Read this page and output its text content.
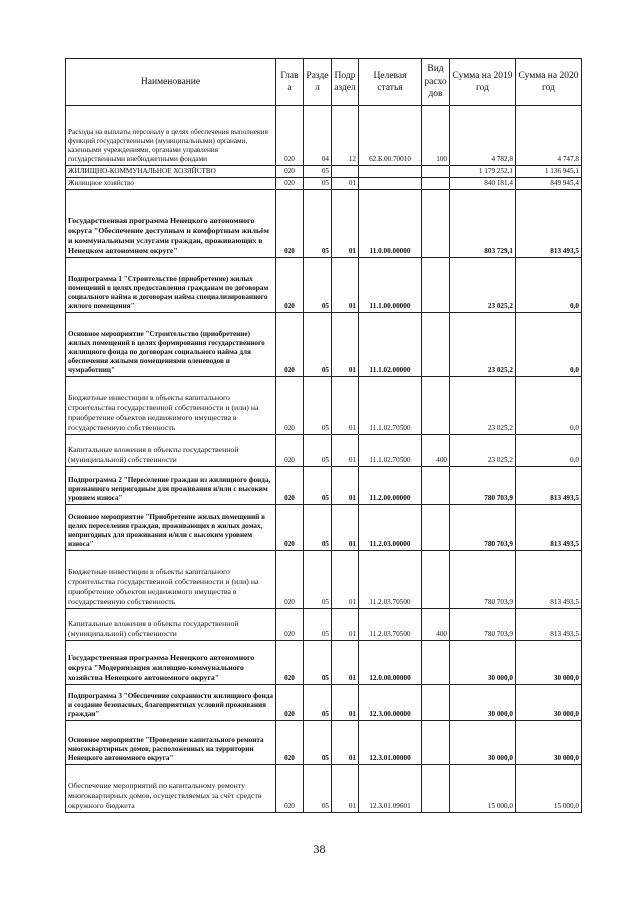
Наименование	Глав а	Разде л	Подр аздел	Целевая статья	Вид расхо дов	Сумма на 2019 год	Сумма на 2020 год
Расходы на выплаты персоналу в целях обеспечения выполнения функций государственными (муниципальными) органами, казенными учреждениями, органами управления государственными внебюджетными фондами	020	04	12	62.Б.00.70010	100	4 782,8	4 747,8
ЖИЛИЩНО-КОММУНАЛЬНОЕ ХОЗЯЙСТВО	020	05				1 179 252,1	1 136 945,1
Жилищное хозяйство	020	05	01			840 181,4	849 945,4
Государственная программа Ненецкого автономного округа "Обеспечение доступным и комфортным жильём и коммунальными услугами граждан, проживающих в Ненецком автономном округе"	020	05	01	11.0.00.00000		803 729,1	813 493,5
Подпрограмма 1 "Строительство (приобретение) жилых помещений в целях предоставления гражданам по договорам социального найма и договорам найма специализированного жилого помещения"	020	05	01	11.1.00.00000		23 025,2	0,0
Основное мероприятие "Строительство (приобретение) жилых помещений в целях формирования государственного жилищного фонда по договорам социального найма для обеспечения жилыми помещениями оленеводов и чумработниц"	020	05	01	11.1.02.00000		23 025,2	0,0
Бюджетные инвестиции в объекты капитального строительства государственной собственности и (или) на приобретение объектов недвижимого имущества в государственную собственность	020	05	01	11.1.02.70500		23 025,2	0,0
Капитальные вложения в объекты государственной (муниципальной) собственности	020	05	01	11.1.02.70500	400	23 025,2	0,0
Подпрограмма 2 "Переселение граждан из жилищного фонда, признанного непригодным для проживания и/или с высоким уровнем износа"	020	05	01	11.2.00.00000		780 703,9	813 493,5
Основное мероприятие "Приобретение жилых помещений в целях переселения граждан, проживающих в жилых домах, непригодных для проживания и/или с высоким уровнем износа"	020	05	01	11.2.03.00000		780 703,9	813 493,5
Бюджетные инвестиции в объекты капитального строительства государственной собственности и (или) на приобретение объектов недвижимого имущества в государственную собственность	020	05	01	11.2.03.70500		780 703,9	813 493,5
Капитальные вложения в объекты государственной (муниципальной) собственности	020	05	01	11.2.03.70500	400	780 703,9	813 493,5
Государственная программа Ненецкого автономного округа "Модернизация жилищно-коммунального хозяйства Ненецкого автономного округа"	020	05	01	12.0.00.00000		30 000,0	30 000,0
Подпрограмма 3 "Обеспечение сохранности жилищного фонда и создание безопасных, благоприятных условий проживания граждан"	020	05	01	12.3.00.00000		30 000,0	30 000,0
Основное мероприятие "Проведение капитального ремонта многоквартирных домов, расположенных на территории Ненецкого автономного округа"	020	05	01	12.3.01.00000		30 000,0	30 000,0
Обеспечение мероприятий по капитальному ремонту многоквартирных домов, осуществляемых за счёт средств окружного бюджета	020	05	01	12.3.01.09601		15 000,0	15 000,0
38
